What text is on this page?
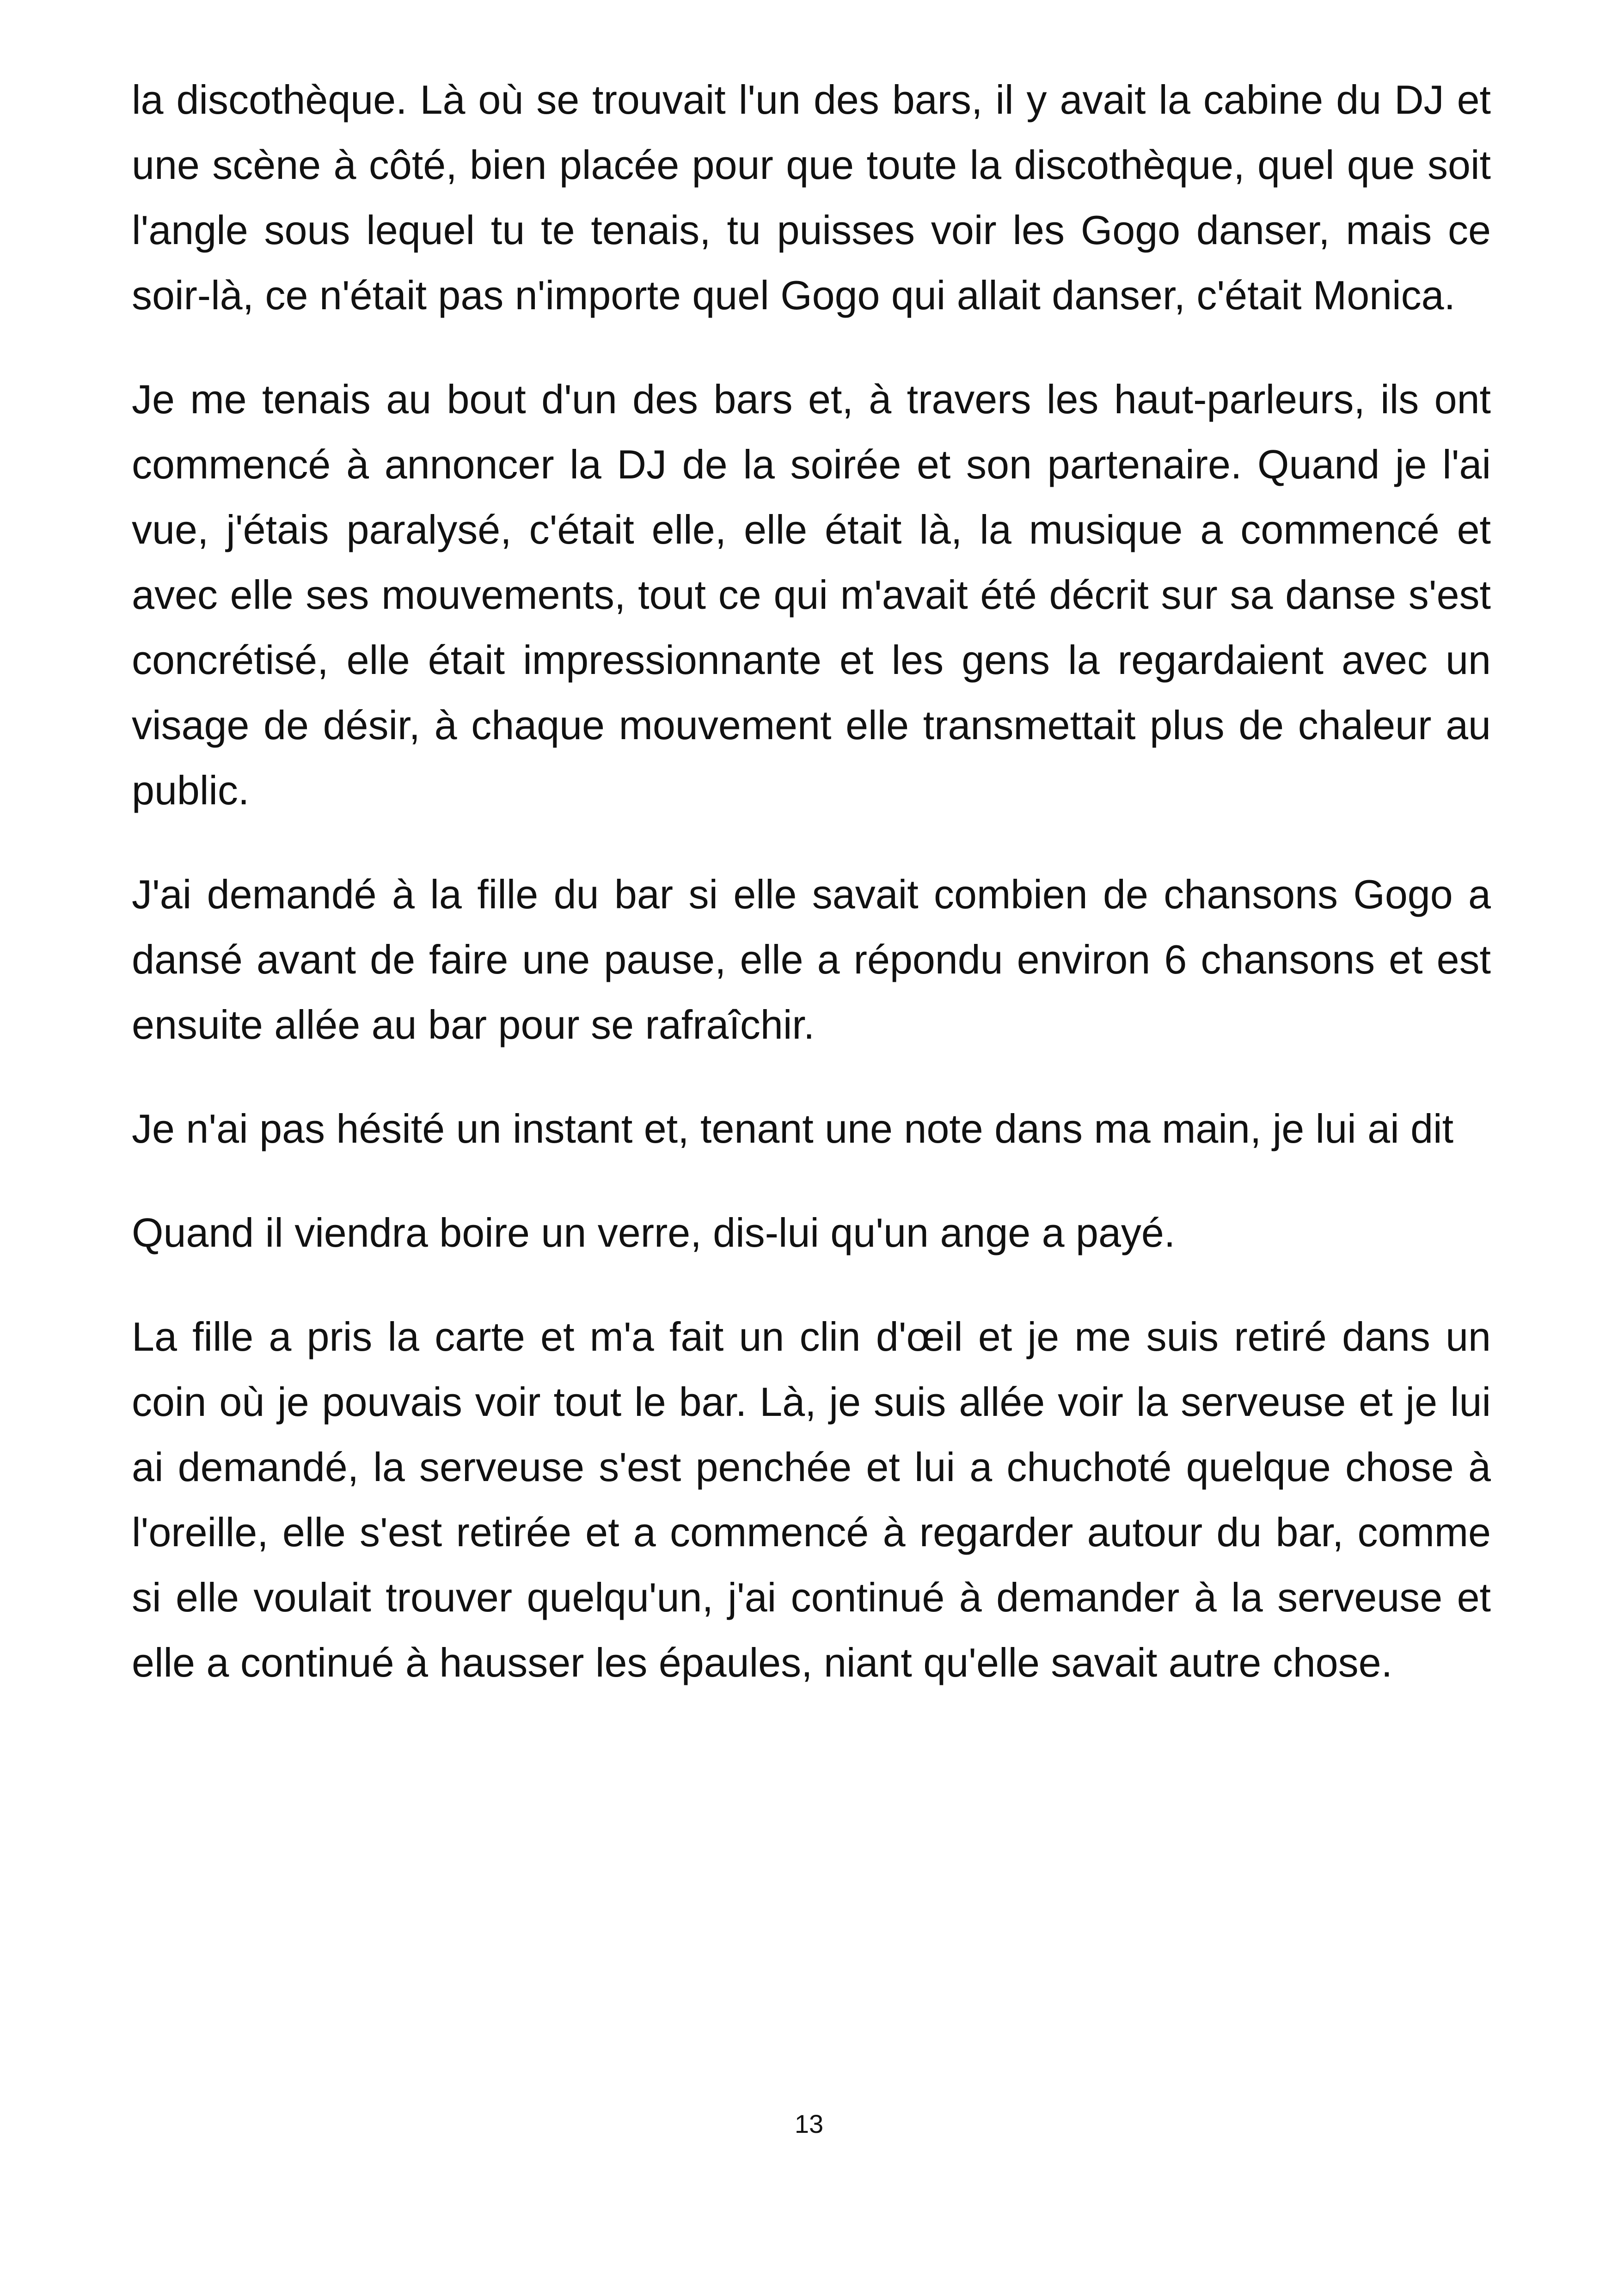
la discothèque. Là où se trouvait l'un des bars, il y avait la cabine du DJ et une scène à côté, bien placée pour que toute la discothèque, quel que soit l'angle sous lequel tu te tenais, tu puisses voir les Gogo danser, mais ce soir-là, ce n'était pas n'importe quel Gogo qui allait danser, c'était Monica.

Je me tenais au bout d'un des bars et, à travers les haut-parleurs, ils ont commencé à annoncer la DJ de la soirée et son partenaire. Quand je l'ai vue, j'étais paralysé, c'était elle, elle était là, la musique a commencé et avec elle ses mouvements, tout ce qui m'avait été décrit sur sa danse s'est concrétisé, elle était impressionnante et les gens la regardaient avec un visage de désir, à chaque mouvement elle transmettait plus de chaleur au public.

J'ai demandé à la fille du bar si elle savait combien de chansons Gogo a dansé avant de faire une pause, elle a répondu environ 6 chansons et est ensuite allée au bar pour se rafraîchir.

Je n'ai pas hésité un instant et, tenant une note dans ma main, je lui ai dit

Quand il viendra boire un verre, dis-lui qu'un ange a payé.

La fille a pris la carte et m'a fait un clin d'œil et je me suis retiré dans un coin où je pouvais voir tout le bar. Là, je suis allée voir la serveuse et je lui ai demandé, la serveuse s'est penchée et lui a chuchoté quelque chose à l'oreille, elle s'est retirée et a commencé à regarder autour du bar, comme si elle voulait trouver quelqu'un, j'ai continué à demander à la serveuse et elle a continué à hausser les épaules, niant qu'elle savait autre chose.

13
